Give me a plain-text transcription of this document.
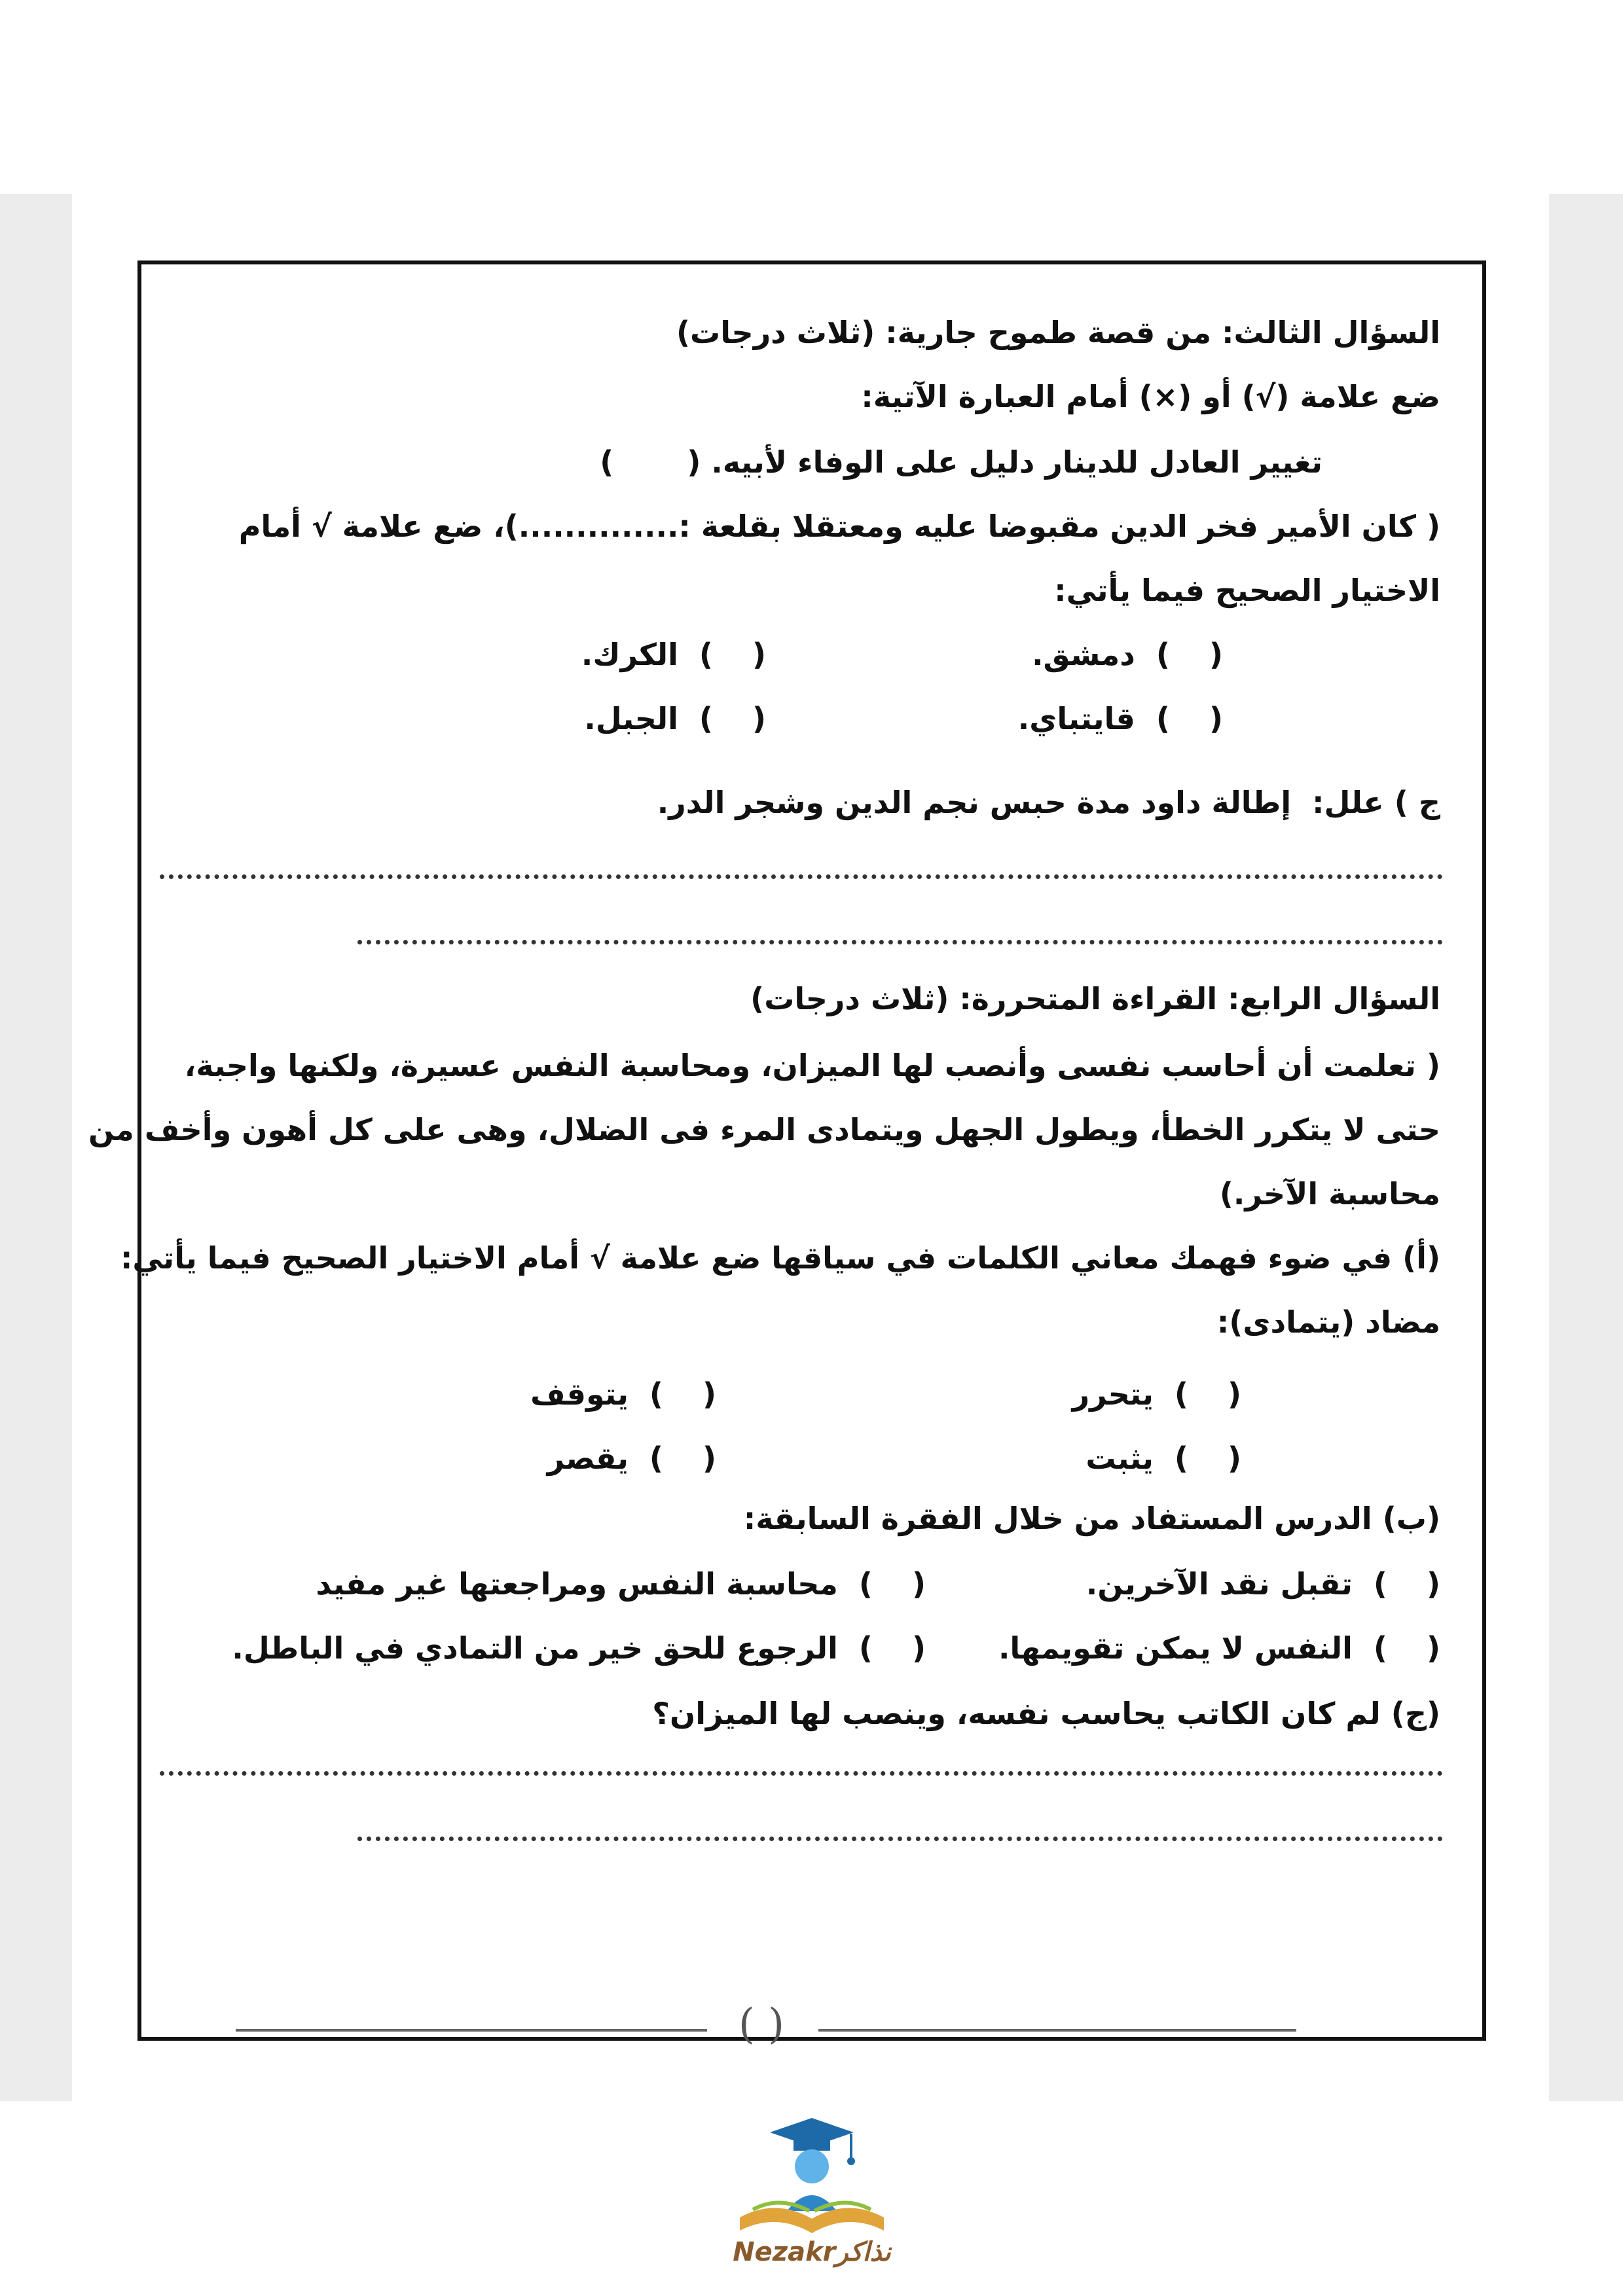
السؤال الثالث: من قصة طموح جارية: (ثلاث درجات)
ضع علامة (√) أو (×) أمام العبارة الآتية:
تغيير العادل للدينار دليل على الوفاء لأبيه. (       )
( كان الأمير فخر الدين مقبوضا عليه ومعتقلا بقلعة :..............)، ضع علامة √ أمام
الاختيار الصحيح فيما يأتي:
()  دمشق.
()  الكرك.
()  قايتباي.
()  الجبل.
ج ) علل:  إطالة داود مدة حبس نجم الدين وشجر الدر.
السؤال الرابع: القراءة المتحررة: (ثلاث درجات)
( تعلمت أن أحاسب نفسى وأنصب لها الميزان، ومحاسبة النفس عسيرة، ولكنها واجبة،
حتى لا يتكرر الخطأ، ويطول الجهل ويتمادى المرء فى الضلال، وهى على كل أهون وأخف من
محاسبة الآخر.)
(أ) في ضوء فهمك معاني الكلمات في سياقها ضع علامة √ أمام الاختيار الصحيح فيما يأتي:
مضاد (يتمادى):
()  يتحرر
()  يتوقف
()  يثبت
()  يقصر
(ب) الدرس المستفاد من خلال الفقرة السابقة:
()  تقبل نقد الآخرين.
()  محاسبة النفس ومراجعتها غير مفيد
()  النفس لا يمكن تقويمها.
()  الرجوع للحق خير من التمادي في الباطل.
(ج) لم كان الكاتب يحاسب نفسه، وينصب لها الميزان؟
( )
Nezakrنذاكر
